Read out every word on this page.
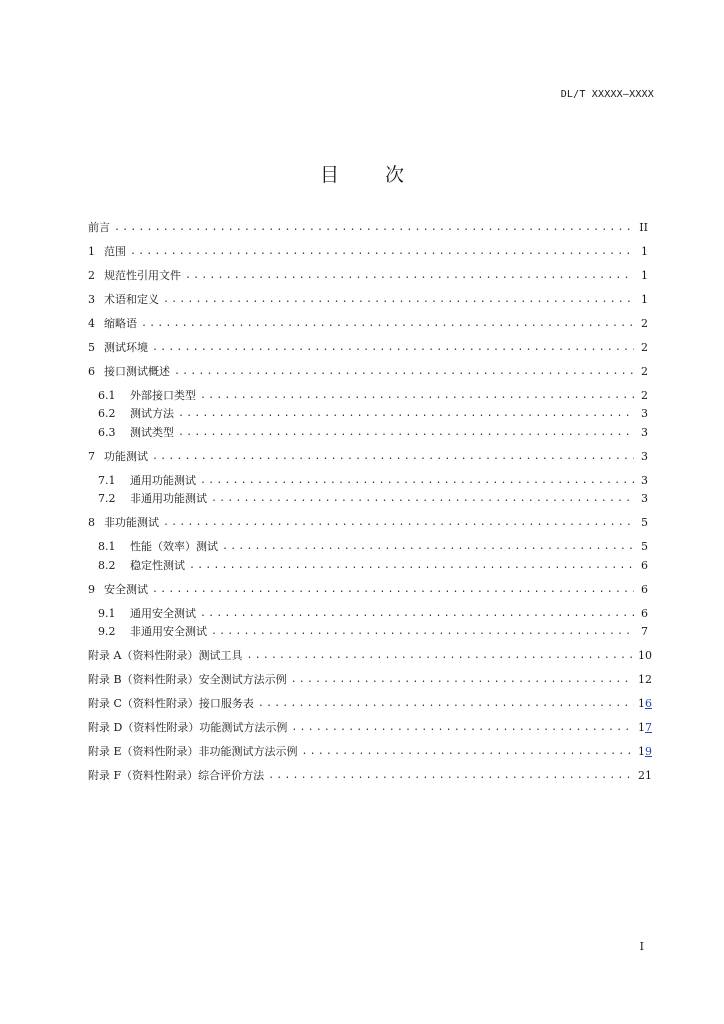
DL/T XXXXX—XXXX
目 次
前言 .....	II
1 范围 .....	1
2 规范性引用文件 .....	1
3 术语和定义 .....	1
4 缩略语 .....	2
5 测试环境 .....	2
6 接口测试概述 .....	2
6.1	外部接口类型 .....	2
6.2	测试方法 .....	3
6.3	测试类型 .....	3
7 功能测试 .....	3
7.1	通用功能测试 .....	3
7.2	非通用功能测试 .....	3
8 非功能测试 .....	5
8.1	性能（效率）测试 .....	5
8.2	稳定性测试 .....	6
9 安全测试 .....	6
9.1	通用安全测试 .....	6
9.2	非通用安全测试 .....	7
附录 A（资料性附录） 测试工具 .....	10
附录 B（资料性附录） 安全测试方法示例 .....	12
附录 C（资料性附录） 接口服务表 .....	16
附录 D（资料性附录） 功能测试方法示例 .....	17
附录 E（资料性附录） 非功能测试方法示例 .....	19
附录 F（资料性附录） 综合评价方法 .....	21
I
